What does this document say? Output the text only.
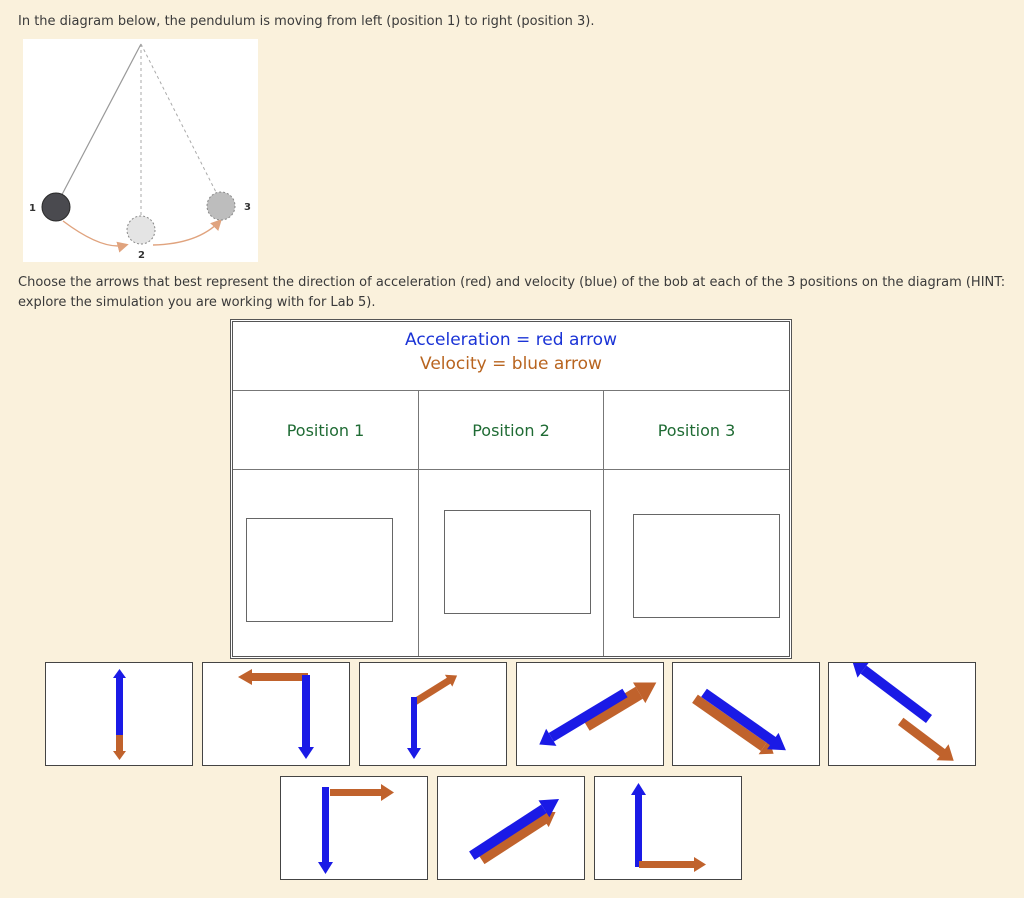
In the diagram below, the pendulum is moving from left (position 1) to right (position 3).
1
2
3
Choose the arrows that best represent the direction of acceleration (red) and velocity (blue) of the bob at each of the 3 positions on the diagram (HINT: explore the simulation you are working with for Lab 5).
Acceleration = red arrow
Velocity = blue arrow
Position 1	Position 2	Position 3
